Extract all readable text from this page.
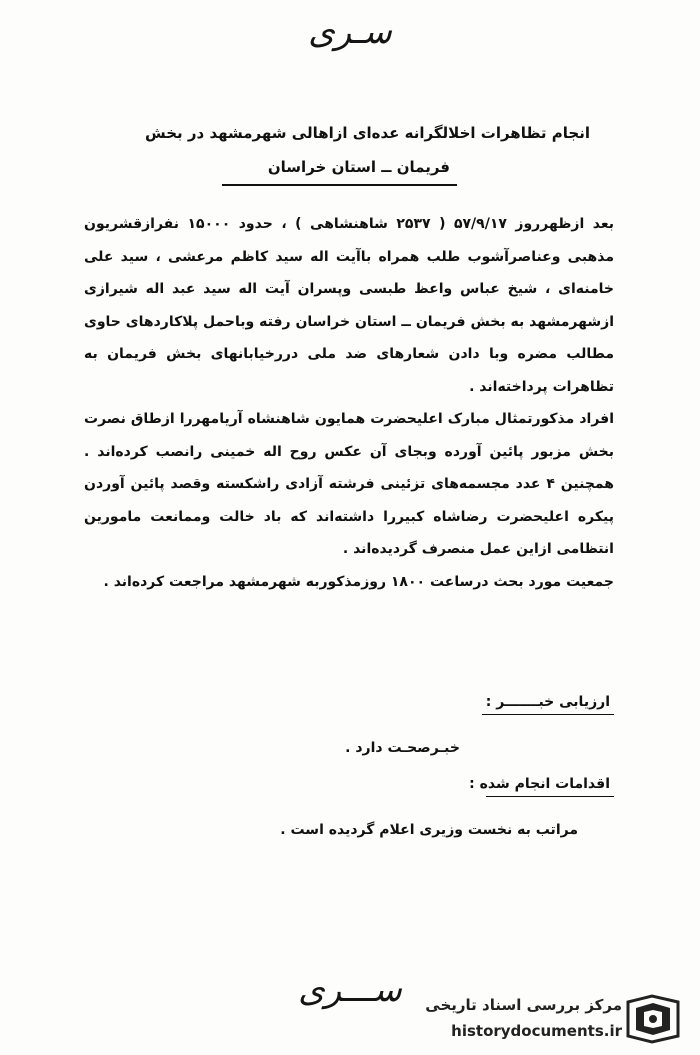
سـری
انجام تظاهرات اخلالگرانه عده‌ای ازاهالی شهرمشهد در بخش
فریمان ــ استان خراسان

بعد ازظهرروز ۵۷/۹/۱۷ ( ۲۵۳۷ شاهنشاهی ) ، حدود ۱۵۰۰۰ نفرازقشریون مذهبی وعناصرآشوب طلب همراه باآیت اله سید کاظم مرعشی ، سید علی خامنه‌ای ، شیخ عباس واعظ طبسی وپسران آیت اله سید عبد اله شیرازی ازشهرمشهد به بخش فریمان ــ استان خراسان رفته وباحمل پلاکاردهای حاوی مطالب مضره وبا دادن شعارهای ضد ملی دررخیابانهای بخش فریمان به تظاهرات پرداخته‌اند .

افراد مذکورتمثال مبارک اعلیحضرت همایون شاهنشاه آریامهررا ازطاق نصرت بخش مزبور پائین آورده وبجای آن عکس روح اله خمینی رانصب کرده‌اند . همچنین ۴ عدد مجسمه‌های تزئینی فرشته آزادی راشکسته وقصد پائین آوردن پیکره اعلیحضرت رضاشاه کبیررا داشته‌اند که باد خالت وممانعت مامورین انتظامی ازاین عمل منصرف گردیده‌اند .

جمعیت مورد بحث درساعت ۱۸۰۰ روزمذکوربه شهرمشهد مراجعت کرده‌اند .

ارزیابی خبـــــــر :
خبـرصحـت دارد .
اقدامات انجام شده :
مراتب به نخست وزیری اعلام گردیده است .
ســـری	مرکز بررسی اسناد تاریخی
historydocuments.ir
